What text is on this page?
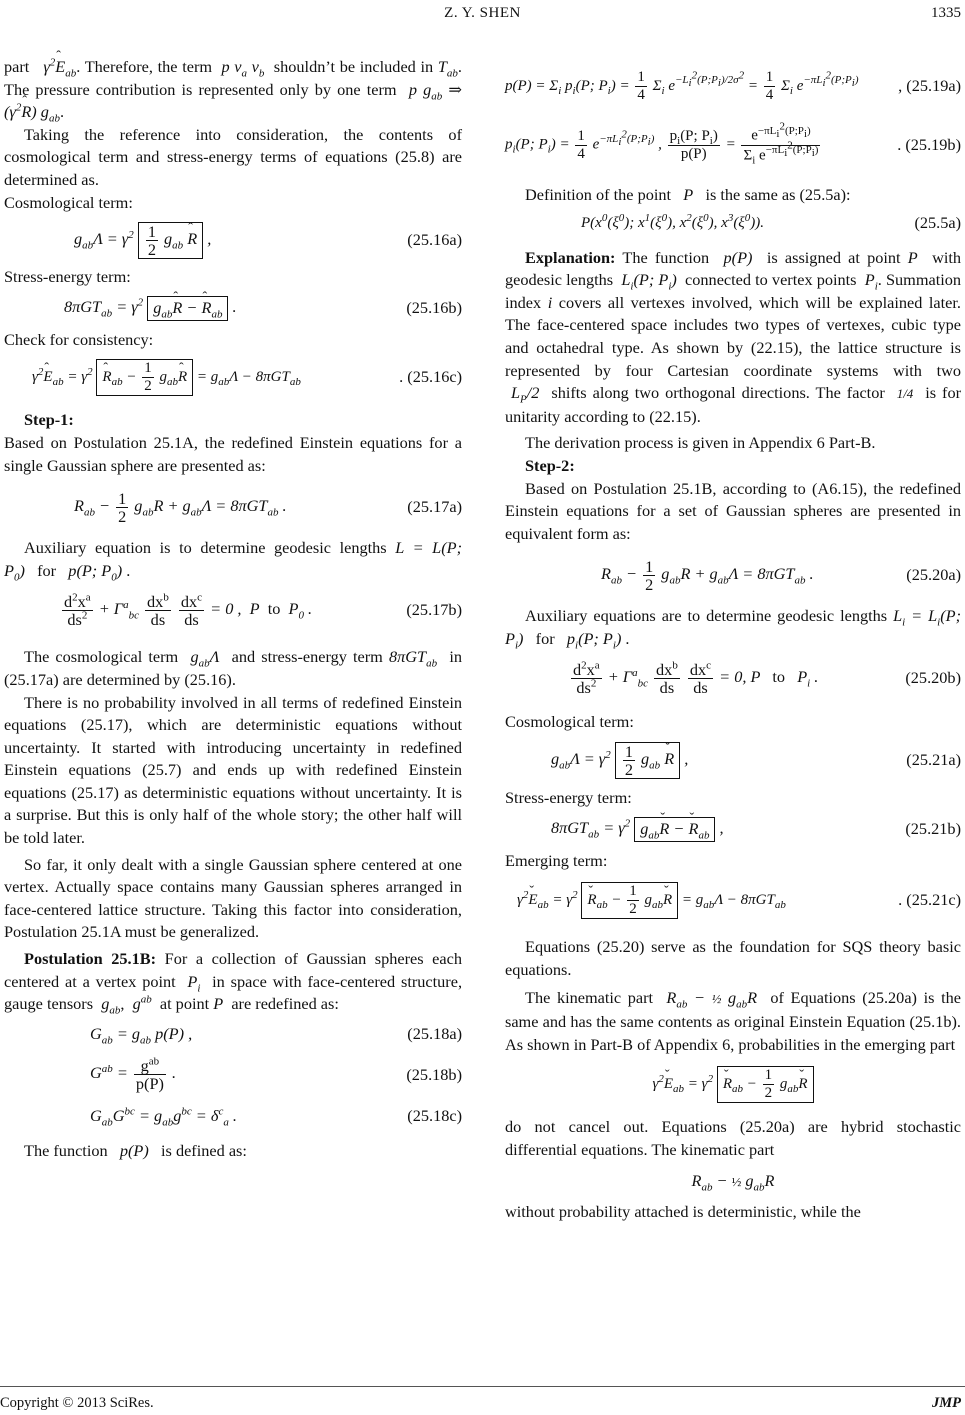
Z. Y. SHEN	1335

part   $\gamma^2ˆ$ $E_{ab}$. Therefore, the term p $v_a$ $v_b$ shouldn’t be included in $T_{ab}$. The pressure contribution is represented only by one term p $g_{ab}$ ⇒ ($\gamma^2ˆ$ R) $g_{ab}$.

Taking the reference into consideration, the contents of cosmological term and stress-energy terms of equations (25.8) are determined as.

Cosmological term:

$g_{ab}\Lambda = \gamma^2 \frac{1}{2} g_{ab}$ ˆ R ,	(25.16a)

Stress-energy term:

$8\pi GT_{ab} = \gamma^2$ $g_{ab}ˆ$ R − ˆ $R_{ab}$ .	(25.16b)

Check for consistency:

$\gamma^2ˆ$ $E_{ab} = \gamma^2$ ˆ $R_{ab} - \frac{1}{2}$ $g_{ab}ˆ$ $R = g_{ab}\Lambda - 8\pi GT_{ab}$	. (25.16c)

Step-1:

Based on Postulation 25.1A, the redefined Einstein equations for a single Gaussian sphere are presented as:

$R_{ab} - \frac{1}{2} g_{ab}R + g_{ab}\Lambda = 8\pi GT_{ab}$ .	(25.17a)

Auxiliary equation is to determine geodesic lengths L = L(P; $P_0$) for p(P; $P_0$) .

$\frac{d^2x^a}{ds^2} + \Gamma^a_{bc} \frac{dx^b}{ds}$
$\frac{dx^c}{ds} = 0$ ,  P  to  $P_0$ .	(25.17b)

The cosmological term $g_{ab}\Lambda$ and stress-energy term 8πGT$_{ab}$ in (25.17a) are determined by (25.16).

There is no probability involved in all terms of redefined Einstein equations (25.17), which are deterministic equations without uncertainty. It started with introducing uncertainty in redefined Einstein equations (25.7) and ends up with redefined Einstein equations (25.17) as deterministic equations without uncertainty. It is a surprise. But this is only half of the whole story; the other half will be told later.

So far, it only dealt with a single Gaussian sphere centered at one vertex. Actually space contains many Gaussian spheres arranged in face-centered lattice structure. Taking this factor into consideration, Postulation 25.1A must be generalized.

Postulation 25.1B: For a collection of Gaussian spheres each centered at a vertex point $P_i$ in space with face-centered structure, gauge tensors $g_{ab}$,  $g^{ab}$ at point P are redefined as:

$G_{ab} = g_{ab}$ p(P) ,	(25.18a)
$G^{ab} = \frac{g^{ab}}{p(P)}$ .	(25.18b)
$G_{ab}G^{bc} = g_{ab}g^{bc} = \delta^c_a$ .	(25.18c)

The function p(P) is defined as:

$p(P) = \Sigma_i$ $p_i(P$; $P_i) = \frac{1}{4} \Sigma_i$ $e^{-L_i^2(P;P_i)/2\sigma^2} = \frac{1}{4} \Sigma_i$ $e^{-\pi L_i^2(P;P_i)}$	, (25.19a)
$p_i(P$; $P_i) = \frac{1}{4} e^{-\pi L_i^2(P;P_i)}$ , $\frac{p_i(P; P_i)}{p(P)} = \frac{e^{-\pi L_i^2(P;P_i)}}{\Sigma_i e^{-\pi L_i^2(P;P_i)}}$	. (25.19b)

Definition of the point P is the same as (25.5a):

$P(x^0(\xi^0)$; $x^1(\xi^0)$, $x^2(\xi^0)$, $x^3(\xi^0)$).	(25.5a)

Explanation: The function p(P) is assigned at point P with geodesic lengths $L_i(P$; $P_i$) connected to vertex points $P_i$. Summation index i covers all vertexes involved, which will be explained later. The face-centered space includes two types of vertexes, cubic type and octahedral type. As shown by (22.15), the lattice structure is represented by four Cartesian coordinate systems with two  $L_P/2$ shifts along two orthogonal directions. The factor 1/4 is for unitarity according to (22.15).

The derivation process is given in Appendix 6 Part-B.

Step-2:

Based on Postulation 25.1B, according to (A6.15), the redefined Einstein equations for a set of Gaussian spheres are presented in equivalent form as:

$R_{ab} - \frac{1}{2} g_{ab}R + g_{ab}\Lambda = 8\pi GT_{ab}$ .	(25.20a)

Auxiliary equations are to determine geodesic lengths $L_i = L_i(P$; $P_i$) for $p_i(P$; $P_i$) .

$\frac{d^2x^a}{ds^2} + \Gamma^a_{bc} \frac{dx^b}{ds}$
$\frac{dx^c}{ds} = 0$, P   to   $P_i$ .	(25.20b)

Cosmological term:

$g_{ab}\Lambda = \gamma^2 \frac{1}{2} g_{ab}$ ˇ R ,	(25.21a)

Stress-energy term:

$8\pi GT_{ab} = \gamma^2$ $g_{ab}ˇ$ R − ˇ $R_{ab}$ ,	(25.21b)

Emerging term:

$\gamma^2ˇ$ $E_{ab} = \gamma^2$ ˇ $R_{ab} - \frac{1}{2}$ $g_{ab}ˇ$ $R = g_{ab}\Lambda - 8\pi GT_{ab}$	. (25.21c)

Equations (25.20) serve as the foundation for SQS theory basic equations.

The kinematic part $R_{ab}$ − ½ $g_{ab}R$ of Equations (25.20a) is the same and has the same contents as original Einstein Equation (25.1b). As shown in Part-B of Appendix 6, probabilities in the emerging part

$\gamma^2ˇ$ $E_{ab} = \gamma^2$ ˇ $R_{ab} - \frac{1}{2}$ $g_{ab}ˇ$ R

do not cancel out. Equations (25.20a) are hybrid stochastic differential equations. The kinematic part

$R_{ab}$ − ½ $g_{ab}R$

without probability attached is deterministic, while the

Copyright © 2013 SciRes.	JMP
